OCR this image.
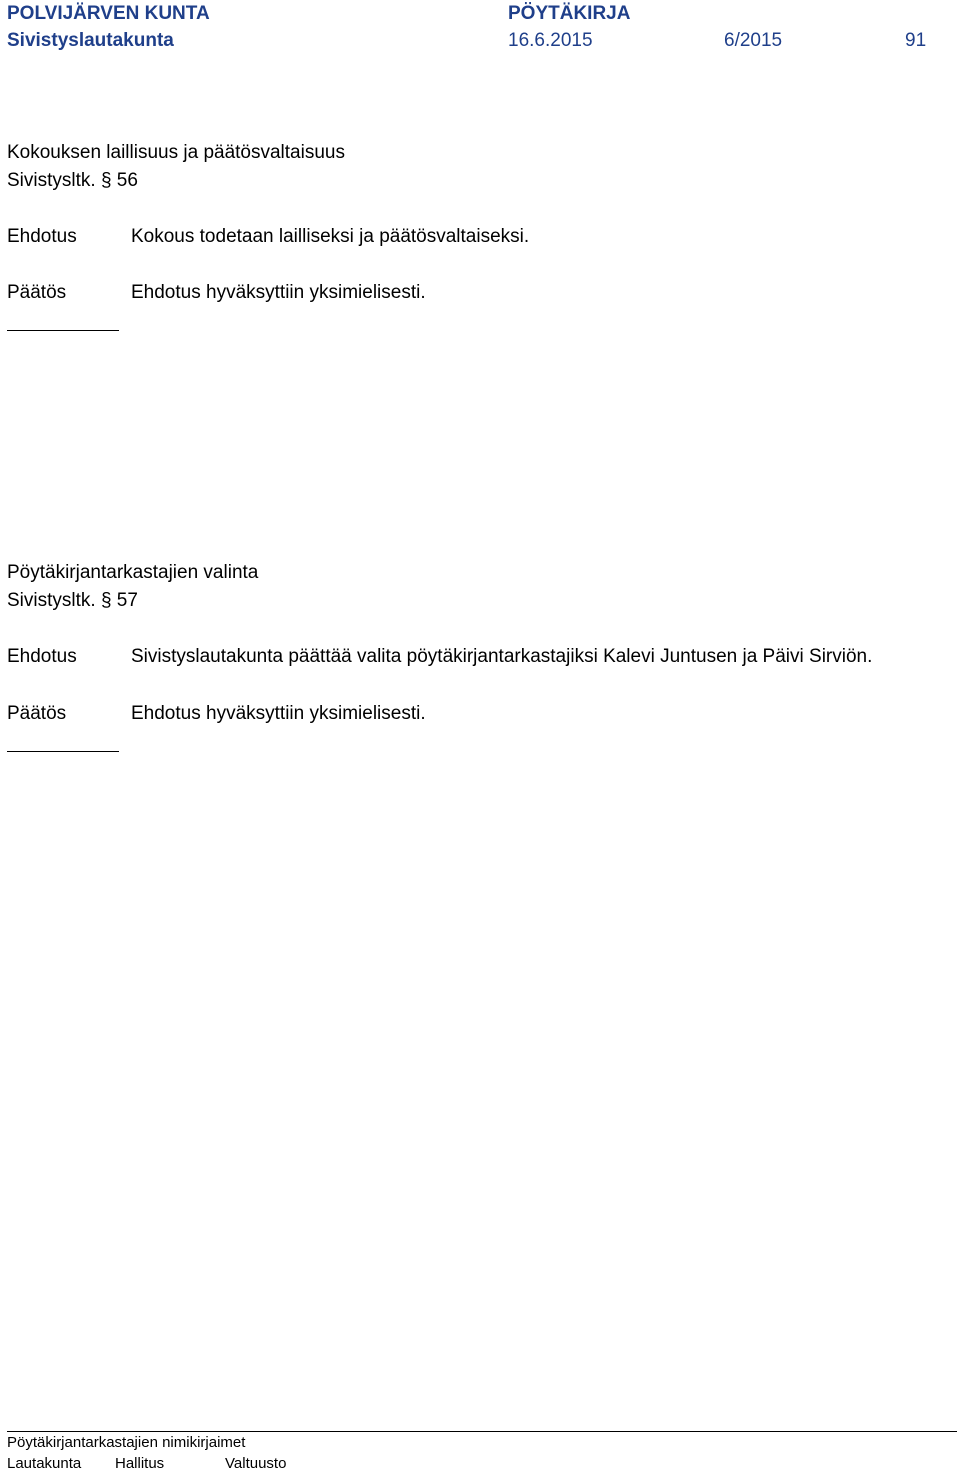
POLVIJÄRVEN KUNTA	PÖYTÄKIRJA
Sivistyslautakunta	16.6.2015	6/2015	91
Kokouksen laillisuus ja päätösvaltaisuus
Sivistysltk. § 56
Ehdotus	Kokous todetaan lailliseksi ja päätösvaltaiseksi.
Päätös	Ehdotus hyväksyttiin yksimielisesti.
Pöytäkirjantarkastajien valinta
Sivistysltk. § 57
Ehdotus	Sivistyslautakunta päättää valita pöytäkirjantarkastajiksi Kalevi Juntusen ja Päivi Sirviön.
Päätös	Ehdotus hyväksyttiin yksimielisesti.
Pöytäkirjantarkastajien nimikirjaimet
Lautakunta Hallitus	Valtuusto
